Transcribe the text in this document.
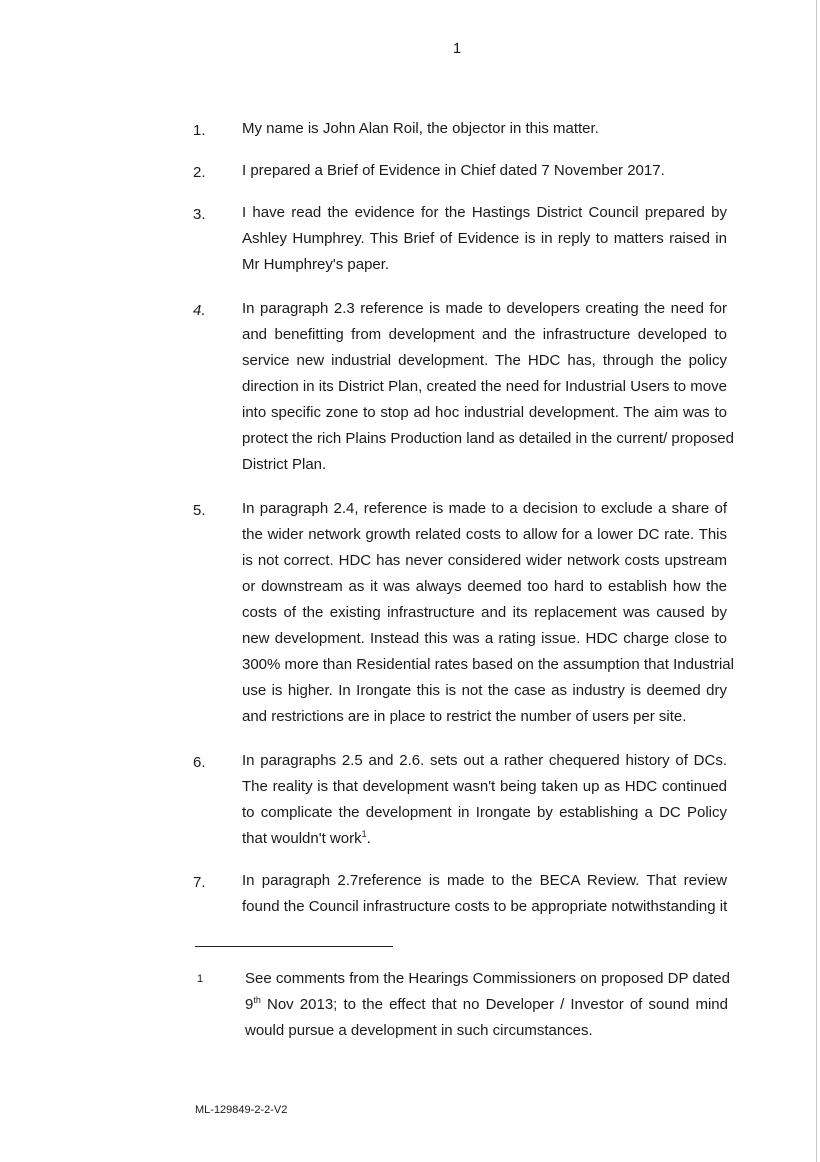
1
1. My name is John Alan Roil, the objector in this matter.
2. I prepared a Brief of Evidence in Chief dated 7 November 2017.
3. I have read the evidence for the Hastings District Council prepared by
Ashley Humphrey. This Brief of Evidence is in reply to matters raised in
Mr Humphrey's paper.
4. In paragraph 2.3 reference is made to developers creating the need for
and benefitting from development and the infrastructure developed to
service new industrial development. The HDC has, through the policy
direction in its District Plan, created the need for Industrial Users to move
into specific zone to stop ad hoc industrial development. The aim was to
protect the rich Plains Production land as detailed in the current/ proposed
District Plan.
5. In paragraph 2.4, reference is made to a decision to exclude a share of
the wider network growth related costs to allow for a lower DC rate. This
is not correct. HDC has never considered wider network costs upstream
or downstream as it was always deemed too hard to establish how the
costs of the existing infrastructure and its replacement was caused by
new development. Instead this was a rating issue. HDC charge close to
300% more than Residential rates based on the assumption that Industrial
use is higher. In Irongate this is not the case as industry is deemed dry
and restrictions are in place to restrict the number of users per site.
6. In paragraphs 2.5 and 2.6. sets out a rather chequered history of DCs.
The reality is that development wasn't being taken up as HDC continued
to complicate the development in Irongate by establishing a DC Policy
that wouldn't work$^1$.
7. In paragraph 2.7reference is made to the BECA Review. That review
found the Council infrastructure costs to be appropriate notwithstanding it
1	See comments from the Hearings Commissioners on proposed DP dated
9th Nov 2013; to the effect that no Developer / Investor of sound mind
would pursue a development in such circumstances.
ML-129849-2-2-V2
